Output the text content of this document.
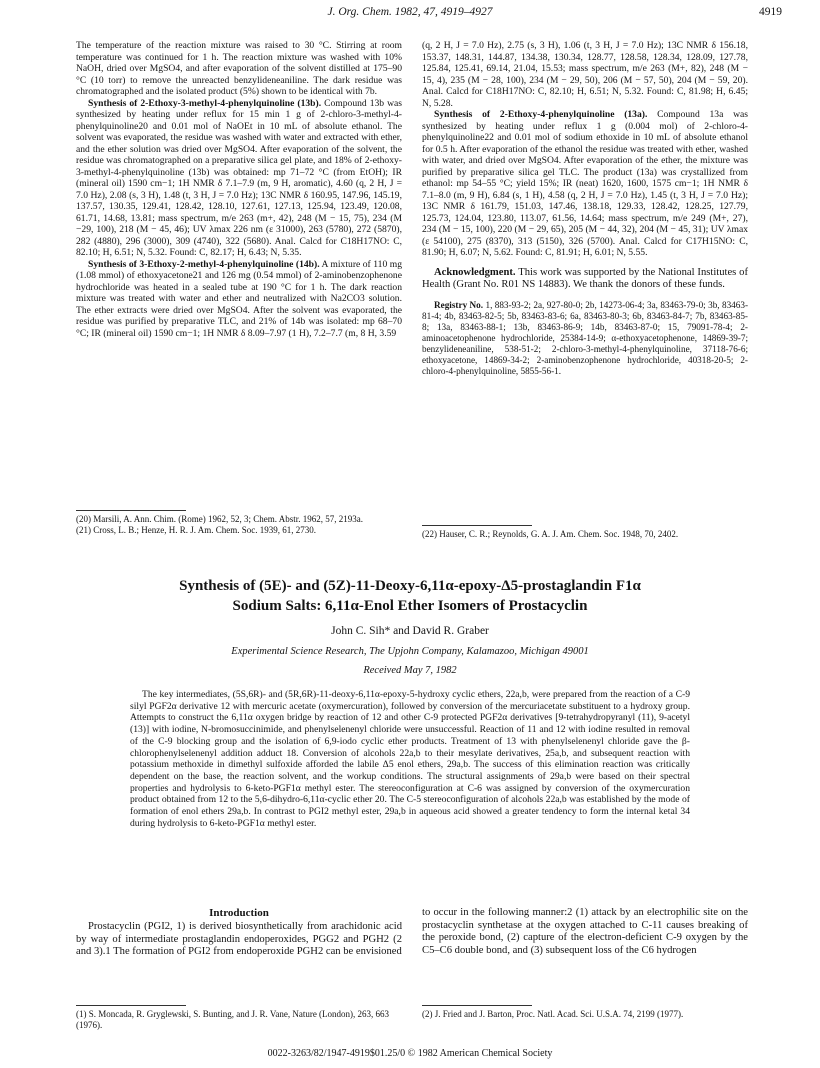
J. Org. Chem. 1982, 47, 4919–4927	4919

The temperature of the reaction mixture was raised to 30 °C. Stirring at room temperature was continued for 1 h. The reaction mixture was washed with 10% NaOH, dried over MgSO4, and after evaporation of the solvent distilled at 175–90 °C (10 torr) to remove the unreacted benzylideneaniline. The dark residue was chromatographed and the isolated product (5%) shown to be identical with 7b.

Synthesis of 2-Ethoxy-3-methyl-4-phenylquinoline (13b). Compound 13b was synthesized by heating under reflux for 15 min 1 g of 2-chloro-3-methyl-4-phenylquinoline20 and 0.01 mol of NaOEt in 10 mL of absolute ethanol. The solvent was evaporated, the residue was washed with water and extracted with ether, and the ether solution was dried over MgSO4. After evaporation of the solvent, the residue was chromatographed on a preparative silica gel plate, and 18% of 2-ethoxy-3-methyl-4-phenylquinoline (13b) was obtained: mp 71–72 °C (from EtOH); IR (mineral oil) 1590 cm−1; 1H NMR δ 7.1–7.9 (m, 9 H, aromatic), 4.60 (q, 2 H, J = 7.0 Hz), 2.08 (s, 3 H), 1.48 (t, 3 H, J = 7.0 Hz); 13C NMR δ 160.95, 147.96, 145.19, 137.57, 130.35, 129.41, 128.42, 128.10, 127.61, 127.13, 125.94, 123.49, 120.08, 61.71, 14.68, 13.81; mass spectrum, m/e 263 (m+, 42), 248 (M − 15, 75), 234 (M −29, 100), 218 (M − 45, 46); UV λmax 226 nm (ε 31000), 263 (5780), 272 (5870), 282 (4880), 296 (3000), 309 (4740), 322 (5680). Anal. Calcd for C18H17NO: C, 82.10; H, 6.51; N, 5.32. Found: C, 82.17; H, 6.43; N, 5.35.

Synthesis of 3-Ethoxy-2-methyl-4-phenylquinoline (14b). A mixture of 110 mg (1.08 mmol) of ethoxyacetone21 and 126 mg (0.54 mmol) of 2-aminobenzophenone hydrochloride was heated in a sealed tube at 190 °C for 1 h. The dark reaction mixture was treated with water and ether and neutralized with Na2CO3 solution. The ether extracts were dried over MgSO4. After the solvent was evaporated, the residue was purified by preparative TLC, and 21% of 14b was isolated: mp 68–70 °C; IR (mineral oil) 1590 cm−1; 1H NMR δ 8.09–7.97 (1 H), 7.2–7.7 (m, 8 H, 3.59

(20) Marsili, A. Ann. Chim. (Rome) 1962, 52, 3; Chem. Abstr. 1962, 57, 2193a.
(21) Cross, L. B.; Henze, H. R. J. Am. Chem. Soc. 1939, 61, 2730.

(q, 2 H, J = 7.0 Hz), 2.75 (s, 3 H), 1.06 (t, 3 H, J = 7.0 Hz); 13C NMR δ 156.18, 153.37, 148.31, 144.87, 134.38, 130.34, 128.77, 128.58, 128.34, 128.09, 127.78, 125.84, 125.41, 69.14, 21.04, 15.53; mass spectrum, m/e 263 (M+, 82), 248 (M − 15, 4), 235 (M − 28, 100), 234 (M − 29, 50), 206 (M − 57, 50), 204 (M − 59, 20). Anal. Calcd for C18H17NO: C, 82.10; H, 6.51; N, 5.32. Found: C, 81.98; H, 6.45; N, 5.28.

Synthesis of 2-Ethoxy-4-phenylquinoline (13a). Compound 13a was synthesized by heating under reflux 1 g (0.004 mol) of 2-chloro-4-phenylquinoline22 and 0.01 mol of sodium ethoxide in 10 mL of absolute ethanol for 0.5 h. After evaporation of the ethanol the residue was treated with ether, washed with water, and dried over MgSO4. After evaporation of the ether, the mixture was purified by preparative silica gel TLC. The product (13a) was crystallized from ethanol: mp 54–55 °C; yield 15%; IR (neat) 1620, 1600, 1575 cm−1; 1H NMR δ 7.1–8.0 (m, 9 H), 6.84 (s, 1 H), 4.58 (q, 2 H, J = 7.0 Hz), 1.45 (t, 3 H, J = 7.0 Hz); 13C NMR δ 161.79, 151.03, 147.46, 138.18, 129.33, 128.42, 128.25, 127.79, 125.73, 124.04, 123.80, 113.07, 61.56, 14.64; mass spectrum, m/e 249 (M+, 27), 234 (M − 15, 100), 220 (M − 29, 65), 205 (M − 44, 32), 204 (M − 45, 31); UV λmax (ε 54100), 275 (8370), 313 (5150), 326 (5700). Anal. Calcd for C17H15NO: C, 81.90; H, 6.07; N, 5.62. Found: C, 81.91; H, 6.01; N, 5.55.

Acknowledgment. This work was supported by the National Institutes of Health (Grant No. R01 NS 14883). We thank the donors of these funds.

Registry No. 1, 883-93-2; 2a, 927-80-0; 2b, 14273-06-4; 3a, 83463-79-0; 3b, 83463-81-4; 4b, 83463-82-5; 5b, 83463-83-6; 6a, 83463-80-3; 6b, 83463-84-7; 7b, 83463-85-8; 13a, 83463-88-1; 13b, 83463-86-9; 14b, 83463-87-0; 15, 79091-78-4; 2-aminoacetophenone hydrochloride, 25384-14-9; α-ethoxyacetophenone, 14869-39-7; benzylideneaniline, 538-51-2; 2-chloro-3-methyl-4-phenylquinoline, 37118-76-6; ethoxyacetone, 14869-34-2; 2-aminobenzophenone hydrochloride, 40318-20-5; 2-chloro-4-phenylquinoline, 5855-56-1.

(22) Hauser, C. R.; Reynolds, G. A. J. Am. Chem. Soc. 1948, 70, 2402.
Synthesis of (5E)- and (5Z)-11-Deoxy-6,11α-epoxy-Δ5-prostaglandin F1α
Sodium Salts: 6,11α-Enol Ether Isomers of Prostacyclin
John C. Sih* and David R. Graber
Experimental Science Research, The Upjohn Company, Kalamazoo, Michigan 49001
Received May 7, 1982
The key intermediates, (5S,6R)- and (5R,6R)-11-deoxy-6,11α-epoxy-5-hydroxy cyclic ethers, 22a,b, were prepared from the reaction of a C-9 silyl PGF2α derivative 12 with mercuric acetate (oxymercuration), followed by conversion of the mercuriacetate substituent to a hydroxy group. Attempts to construct the 6,11α oxygen bridge by reaction of 12 and other C-9 protected PGF2α derivatives [9-tetrahydropyranyl (11), 9-acetyl (13)] with iodine, N-bromosuccinimide, and phenylselenenyl chloride were unsuccessful. Reaction of 11 and 12 with iodine resulted in removal of the C-9 blocking group and the isolation of 6,9-iodo cyclic ether products. Treatment of 13 with phenylselenenyl chloride gave the β-chlorophenylselenenyl addition adduct 18. Conversion of alcohols 22a,b to their mesylate derivatives, 25a,b, and subsequent reaction with potassium methoxide in dimethyl sulfoxide afforded the labile Δ5 enol ethers, 29a,b. The success of this elimination reaction was critically dependent on the base, the reaction solvent, and the workup conditions. The structural assignments of 29a,b were based on their spectral properties and hydrolysis to 6-keto-PGF1α methyl ester. The stereoconfiguration at C-6 was assigned by conversion of the oxymercuration product obtained from 12 to the 5,6-dihydro-6,11α-cyclic ether 20. The C-5 stereoconfiguration of alcohols 22a,b was established by the mode of formation of enol ethers 29a,b. In contrast to PGI2 methyl ester, 29a,b in aqueous acid showed a greater tendency to form the internal ketal 34 during hydrolysis to 6-keto-PGF1α methyl ester.
Introduction
Prostacyclin (PGI2, 1) is derived biosynthetically from arachidonic acid by way of intermediate prostaglandin endoperoxides, PGG2 and PGH2 (2 and 3).1 The formation of PGI2 from endoperoxide PGH2 can be envisioned
to occur in the following manner:2 (1) attack by an electrophilic site on the prostacyclin synthetase at the oxygen attached to C-11 causes breaking of the peroxide bond, (2) capture of the electron-deficient C-9 oxygen by the C5–C6 double bond, and (3) subsequent loss of the C6 hydrogen
(1) S. Moncada, R. Gryglewski, S. Bunting, and J. R. Vane, Nature (London), 263, 663 (1976).
(2) J. Fried and J. Barton, Proc. Natl. Acad. Sci. U.S.A. 74, 2199 (1977).
0022-3263/82/1947-4919$01.25/0 © 1982 American Chemical Society
